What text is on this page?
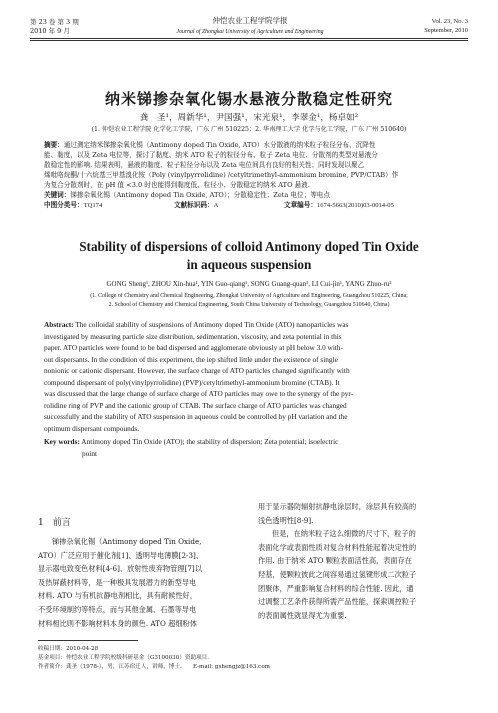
第 23 卷 第 3 期
2010 年 9 月
仲恺农业工程学院学报
Journal of Zhongkai University of Agriculture and Engineering
Vol. 23, No. 3
September, 2010
纳米锑掺杂氧化锡水悬液分散稳定性研究
龚　圣¹，周新华¹，尹国强¹，宋光泉¹，李翠金¹，杨卓如²
(1. 仲恺农业工程学院 化学化工学院，广东 广州 510225；2. 华南理工大学 化学与化工学院，广东 广州 510640)
摘要：通过测定纳米锑掺杂氧化锡（Antimony doped Tin Oxide, ATO）水分散液的纳米粒子粒径分布、沉降性
能、黏度，以及 Zeta 电位等，探讨了黏度、纳米 ATO 粒子的粒径分布、粒子 Zeta 电位、分散剂的类型对悬液分
散稳定性的影响. 结果表明，悬液的黏度、粒子粒径分布以及 Zeta 电位间具有良好的相关性；同时发现以聚乙
烯吡咯烷酮/十六烷基三甲基溴化铵（Poly (vinylpyrrolidine) /cetyltrimethyl-ammonium bromine, PVP/CTAB）作
为复合分散剂时，在 pH 值 <3.0 时也能得到黏度低、粒径小、分散稳定的纳米 ATO 悬液.
关键词：锑掺杂氧化锡（Antimony doped Tin Oxide, ATO）；分散稳定性；Zeta 电位；等电点
中图分类号：TQ174	文献标识码：A	文章编号：1674-5663(2010)03-0014-05
Stability of dispersions of colloid Antimony doped Tin Oxide
in aqueous suspension
GONG Sheng¹, ZHOU Xin-hua¹, YIN Guo-qiang¹, SONG Guang-quan¹, LI Cui-jin¹, YANG Zhuo-ru²
(1. College of Chemistry and Chemical Engineering, Zhongkai University of Agriculture and Engineering, Guangzhou 510225, China;
2. School of Chemistry and Chemical Engineering, South China University of Technology, Guangzhou 510640, China)
Abstract: The colloidal stability of suspensions of Antimony doped Tin Oxide (ATO) nanoparticles was
investigated by measuring particle size distribution, sedimentation, viscosity, and zeta potential in this
paper. ATO particles were found to be bad dispersed and agglomerate obviously at pH below 3.0 with-
out dispersants. In the condition of this experiment, the iep shifted little under the existence of single
nonionic or cationic dispersant. However, the surface charge of ATO particles changed significantly with
compound dispersant of poly(vinylpyrrolidine) (PVP)/cetyltrimethyl-ammonium bromine (CTAB). It
was discussed that the large change of surface charge of ATO particles may owe to the synergy of the pyr-
rolidine ring of PVP and the cationic group of CTAB. The surface charge of ATO particles was changed
successfully and the stability of ATO suspension in aqueous could be controlled by pH variation and the
optimum dispersant compounds.
Key words: Antimony doped Tin Oxide (ATO); the stability of dispersion; Zeta potential; isoelectric
point
1　前言
锑掺杂氧化锡（Antimony doped Tin Oxide,
ATO）广泛应用于催化剂[1]、透明导电薄膜[2-3]、
显示器电致变色材料[4-6]、放射性废弃物管理[7]以
及热屏蔽材料等，是一种极具发展潜力的新型导电
材料. ATO 与有机抗静电剂相比，具有耐候性好，
不受环境制约等特点，而与其他金属、石墨等导电
材料相比则不影响材料本身的颜色. ATO 超细粉体
用于显示器防辐射抗静电涂层时，涂层具有较高的
浅色透明性[8-9].
但是，在纳米粒子这么细微的尺寸下，粒子的
表面化学或表面性质对复合材料性能起着决定性的
作用. 由于纳米 ATO 颗粒表面活性高，表面存在
羟基，使颗粒彼此之间容易通过氢键形成二次粒子
团聚体，严重影响复合材料的综合性能. 因此，通
过调整工艺条件获得所需产品性能，探索调控粒子
的表面属性就显得尤为重要.
收稿日期：2010-04-28
基金项目：仲恺农业工程学院校级科研基金（G3100030）资助项目.
作者简介：龚圣（1978-），男，江苏宿迁人，讲师，博士.　　E-mail: gshengjz@163.com
